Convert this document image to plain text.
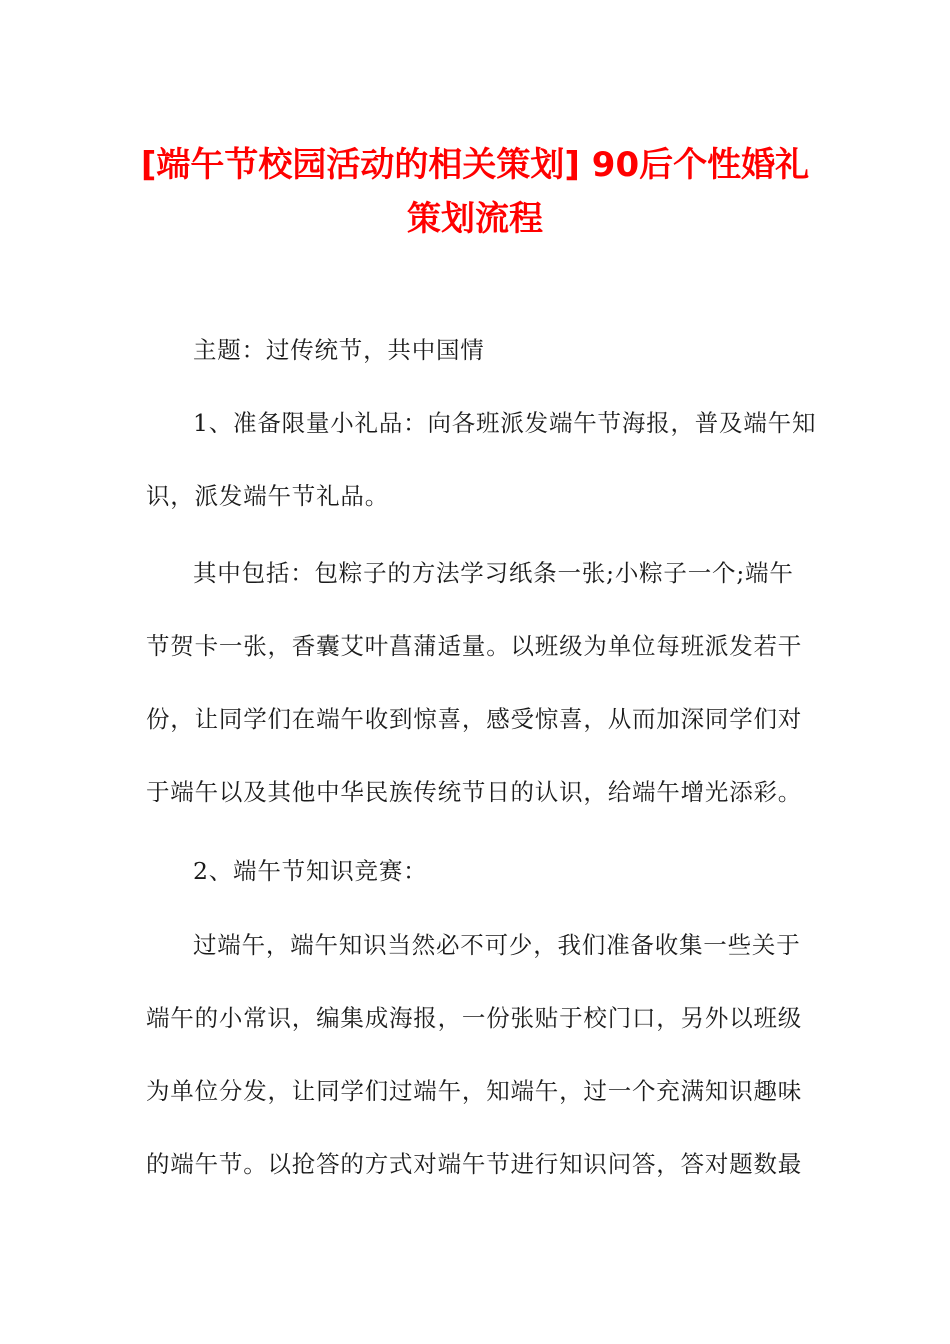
[端午节校园活动的相关策划] 90后个性婚礼
策划流程
主题：过传统节，共中国情
1、准备限量小礼品：向各班派发端午节海报，普及端午知
识，派发端午节礼品。
其中包括：包粽子的方法学习纸条一张;小粽子一个;端午
节贺卡一张，香囊艾叶菖蒲适量。以班级为单位每班派发若干
份，让同学们在端午收到惊喜，感受惊喜，从而加深同学们对
于端午以及其他中华民族传统节日的认识，给端午增光添彩。
2、端午节知识竞赛：
过端午，端午知识当然必不可少，我们准备收集一些关于
端午的小常识，编集成海报，一份张贴于校门口，另外以班级
为单位分发，让同学们过端午，知端午，过一个充满知识趣味
的端午节。以抢答的方式对端午节进行知识问答，答对题数最
